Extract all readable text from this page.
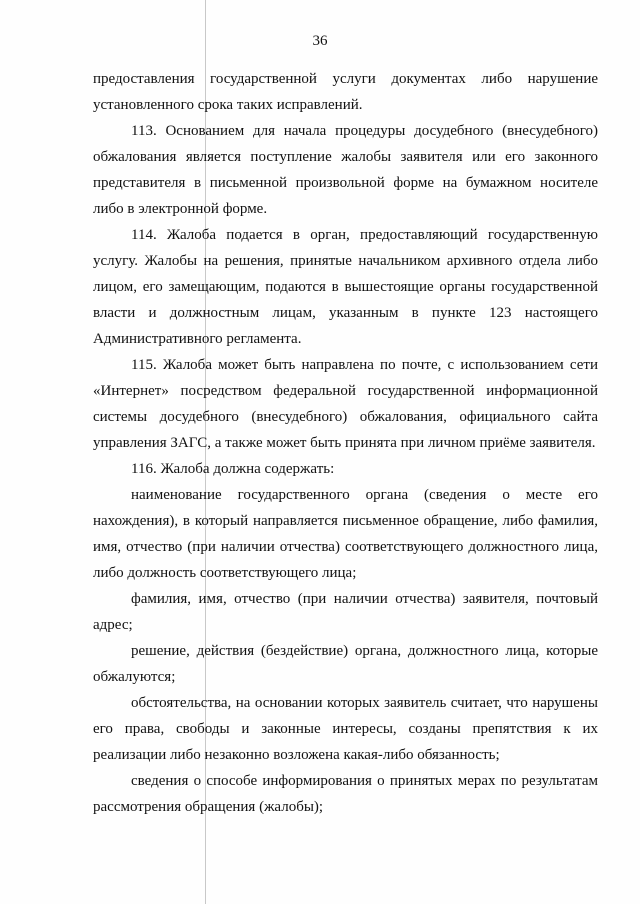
36

предоставления государственной услуги документах либо нарушение установленного срока таких исправлений.

113. Основанием для начала процедуры досудебного (внесудебного) обжалования является поступление жалобы заявителя или его законного представителя в письменной произвольной форме на бумажном носителе либо в электронной форме.

114. Жалоба подается в орган, предоставляющий государственную услугу. Жалобы на решения, принятые начальником архивного отдела либо лицом, его замещающим, подаются в вышестоящие органы государственной власти и должностным лицам, указанным в пункте 123 настоящего Административного регламента.

115. Жалоба может быть направлена по почте, с использованием сети «Интернет» посредством федеральной государственной информационной системы досудебного (внесудебного) обжалования, официального сайта управления ЗАГС, а также может быть принята при личном приёме заявителя.

116. Жалоба должна содержать:

наименование государственного органа (сведения о месте его нахождения), в который направляется письменное обращение, либо фамилия, имя, отчество (при наличии отчества) соответствующего должностного лица, либо должность соответствующего лица;

фамилия, имя, отчество (при наличии отчества) заявителя, почтовый адрес;

решение, действия (бездействие) органа, должностного лица, которые обжалуются;

обстоятельства, на основании которых заявитель считает, что нарушены его права, свободы и законные интересы, созданы препятствия к их реализации либо незаконно возложена какая-либо обязанность;

сведения о способе информирования о принятых мерах по результатам рассмотрения обращения (жалобы);
